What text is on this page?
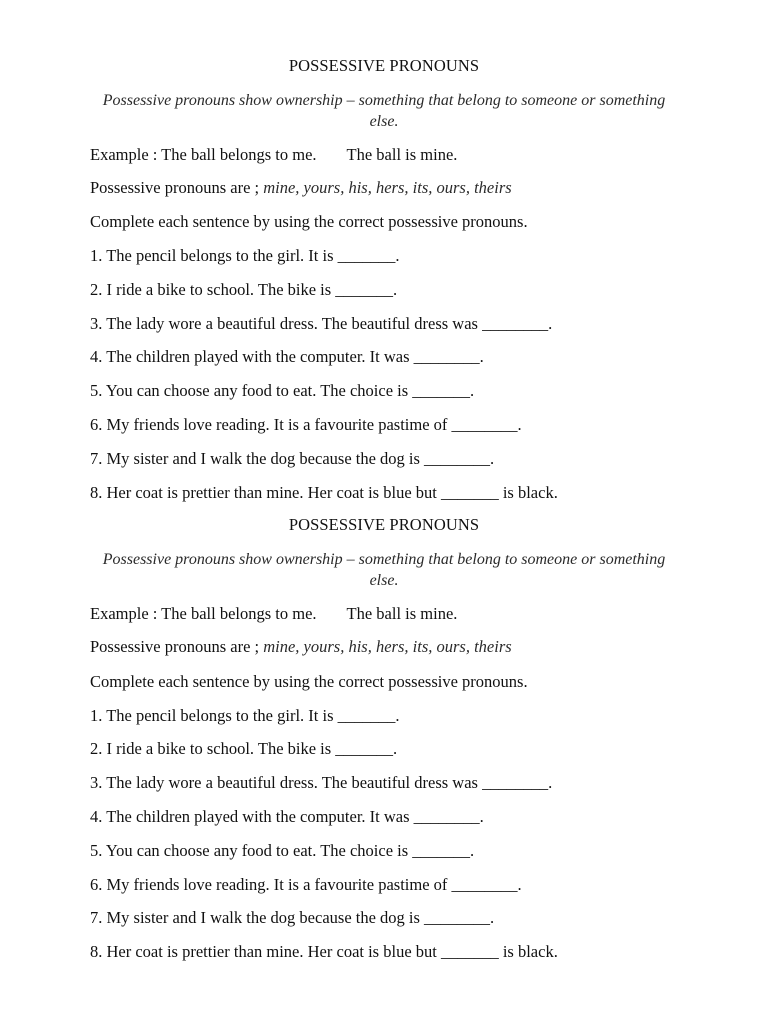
POSSESSIVE PRONOUNS
Possessive pronouns show ownership – something that belong to someone or something else.
Example : The ball belongs to me. The ball is mine.
Possessive pronouns are ; mine, yours, his, hers, its, ours, theirs
Complete each sentence by using the correct possessive pronouns.
1. The pencil belongs to the girl. It is _______.
2. I ride a bike to school. The bike is _______.
3. The lady wore a beautiful dress. The beautiful dress was ________.
4. The children played with the computer. It was ________.
5. You can choose any food to eat. The choice is _______.
6. My friends love reading. It is a favourite pastime of ________.
7. My sister and I walk the dog because the dog is ________.
8. Her coat is prettier than mine. Her coat is blue but _______ is black.
POSSESSIVE PRONOUNS
Possessive pronouns show ownership – something that belong to someone or something else.
Example : The ball belongs to me. The ball is mine.
Possessive pronouns are ; mine, yours, his, hers, its, ours, theirs
Complete each sentence by using the correct possessive pronouns.
1. The pencil belongs to the girl. It is _______.
2. I ride a bike to school. The bike is _______.
3. The lady wore a beautiful dress. The beautiful dress was ________.
4. The children played with the computer. It was ________.
5. You can choose any food to eat. The choice is _______.
6. My friends love reading. It is a favourite pastime of ________.
7. My sister and I walk the dog because the dog is ________.
8. Her coat is prettier than mine. Her coat is blue but _______ is black.
